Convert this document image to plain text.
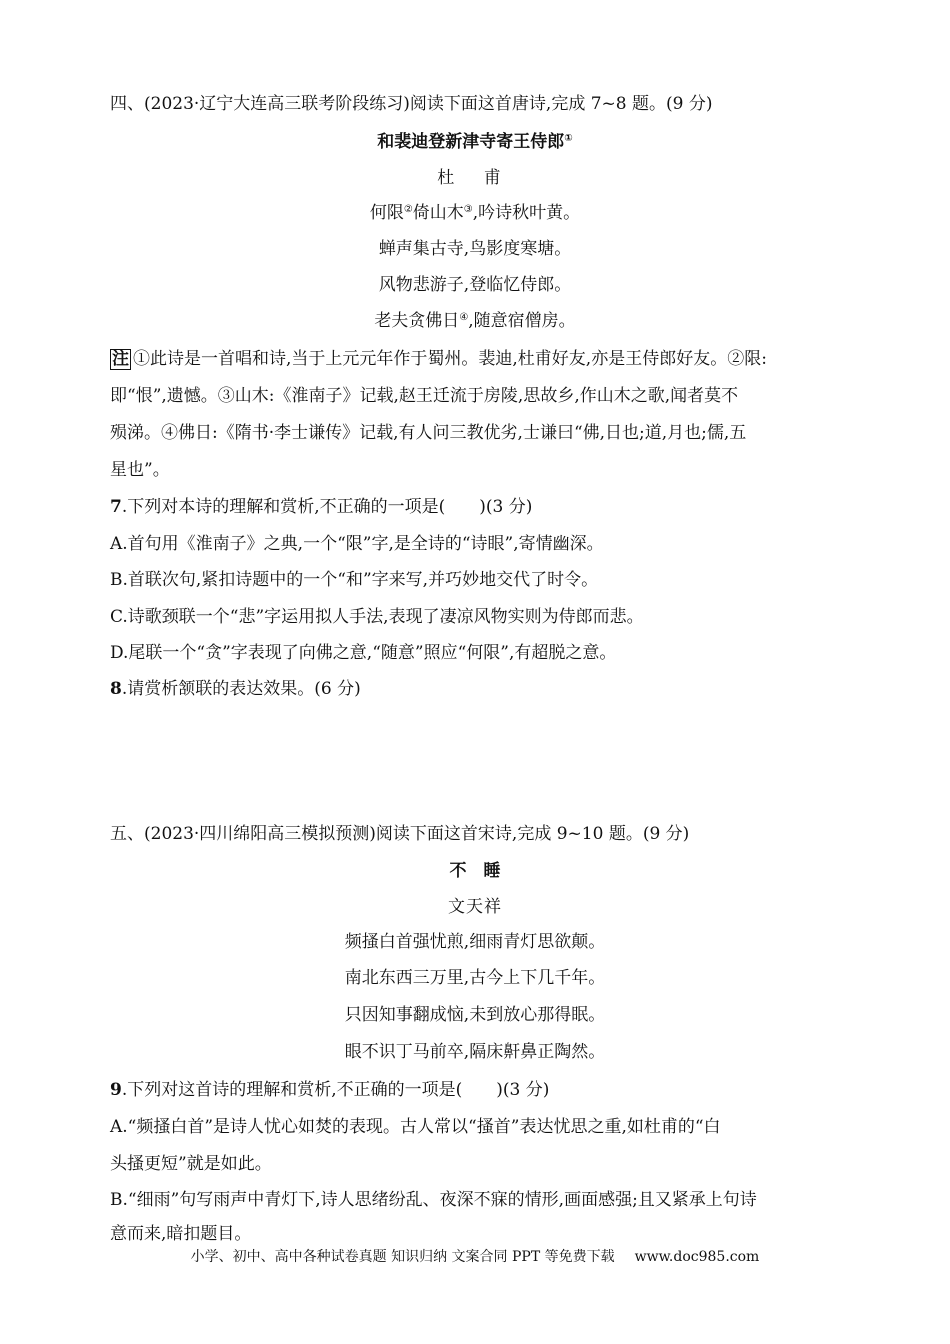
四、(2023·辽宁大连高三联考阶段练习)阅读下面这首唐诗,完成 7~8 题。(9 分)
和裴迪登新津寺寄王侍郎①
杜 甫
何限②倚山木③,吟诗秋叶黄。
蝉声集古寺,鸟影度寒塘。
风物悲游子,登临忆侍郎。
老夫贪佛日④,随意宿僧房。
注 ①此诗是一首唱和诗,当于上元元年作于蜀州。裴迪,杜甫好友,亦是王侍郎好友。②限:
即“恨”,遗憾。③山木:《淮南子》记载,赵王迁流于房陵,思故乡,作山木之歌,闻者莫不
殒涕。④佛日:《隋书·李士谦传》记载,有人问三教优劣,士谦曰“佛,日也;道,月也;儒,五
星也”。
7.下列对本诗的理解和赏析,不正确的一项是(　　)(3 分)
A.首句用《淮南子》之典,一个“限”字,是全诗的“诗眼”,寄情幽深。
B.首联次句,紧扣诗题中的一个“和”字来写,并巧妙地交代了时令。
C.诗歌颈联一个“悲”字运用拟人手法,表现了凄凉风物实则为侍郎而悲。
D.尾联一个“贪”字表现了向佛之意,“随意”照应“何限”,有超脱之意。
8.请赏析颔联的表达效果。(6 分)
五、(2023·四川绵阳高三模拟预测)阅读下面这首宋诗,完成 9~10 题。(9 分)
不　睡
文天祥
频搔白首强忧煎,细雨青灯思欲颠。
南北东西三万里,古今上下几千年。
只因知事翻成恼,未到放心那得眠。
眼不识丁马前卒,隔床鼾鼻正陶然。
9.下列对这首诗的理解和赏析,不正确的一项是(　　)(3 分)
A.“频搔白首”是诗人忧心如焚的表现。古人常以“搔首”表达忧思之重,如杜甫的“白
头搔更短”就是如此。
B.“细雨”句写雨声中青灯下,诗人思绪纷乱、夜深不寐的情形,画面感强;且又紧承上句诗
意而来,暗扣题目。
小学、初中、高中各种试卷真题 知识归纳 文案合同 PPT 等免费下载 www.doc985.com
